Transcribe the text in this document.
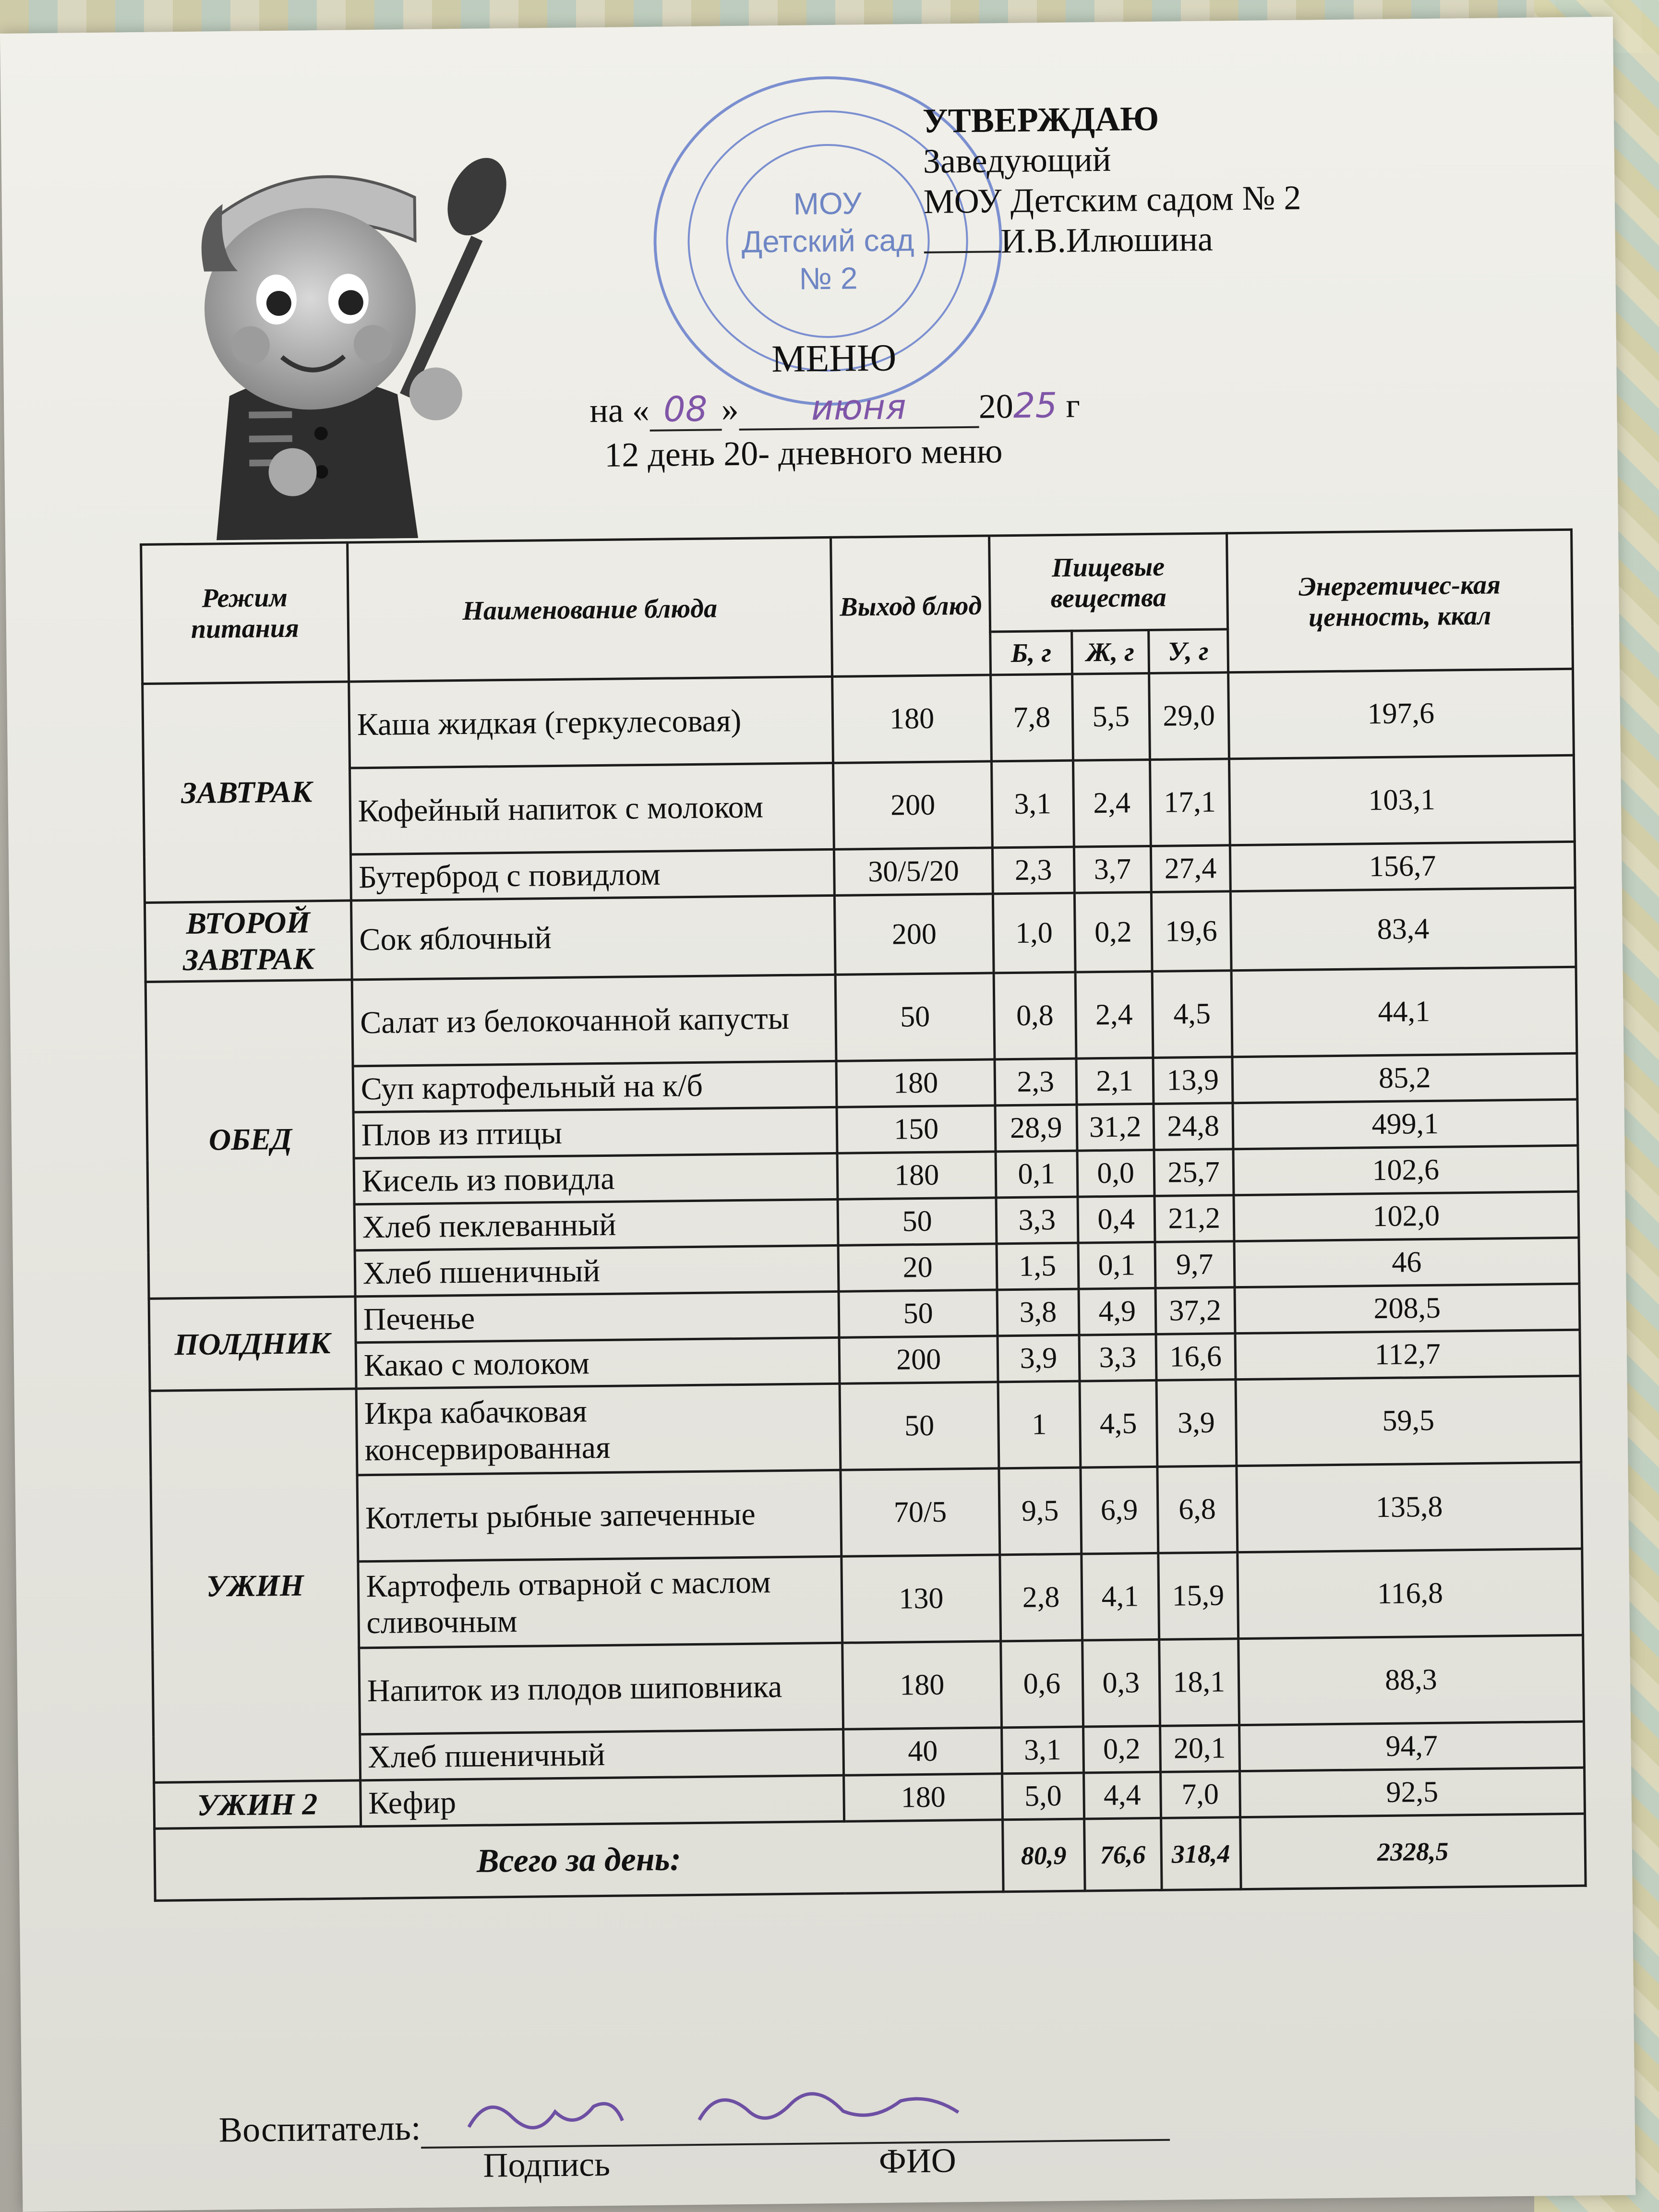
МОУ
Детский сад
№ 2
УТВЕРЖДАЮ
Заведующий
МОУ Детским садом № 2
И.В.Илюшина
МЕНЮ
на « 08 » июня 2025 г
12 день 20- дневного меню
Режим питания	Наименование блюда	Выход блюд	Пищевые вещества			Энергетичес-кая ценность, ккал
			Б, г	Ж, г	У, г	
ЗАВТРАК	Каша жидкая (геркулесовая)	180	7,8	5,5	29,0	197,6
	Кофейный напиток с молоком	200	3,1	2,4	17,1	103,1
	Бутерброд с повидлом	30/5/20	2,3	3,7	27,4	156,7
ВТОРОЙ ЗАВТРАК	Сок яблочный	200	1,0	0,2	19,6	83,4
ОБЕД	Салат из белокочанной капусты	50	0,8	2,4	4,5	44,1
	Суп картофельный на к/б	180	2,3	2,1	13,9	85,2
	Плов из птицы	150	28,9	31,2	24,8	499,1
	Кисель из повидла	180	0,1	0,0	25,7	102,6
	Хлеб пеклеванный	50	3,3	0,4	21,2	102,0
	Хлеб пшеничный	20	1,5	0,1	9,7	46
ПОЛДНИК	Печенье	50	3,8	4,9	37,2	208,5
	Какао с молоком	200	3,9	3,3	16,6	112,7
УЖИН	Икра кабачковая консервированная	50	1	4,5	3,9	59,5
	Котлеты рыбные запеченные	70/5	9,5	6,9	6,8	135,8
	Картофель отварной с маслом сливочным	130	2,8	4,1	15,9	116,8
	Напиток из плодов шиповника	180	0,6	0,3	18,1	88,3
	Хлеб пшеничный	40	3,1	0,2	20,1	94,7
УЖИН 2	Кефир	180	5,0	4,4	7,0	92,5
Всего за день:			80,9	76,6	318,4	2328,5
Воспитатель:
Подпись	ФИО
